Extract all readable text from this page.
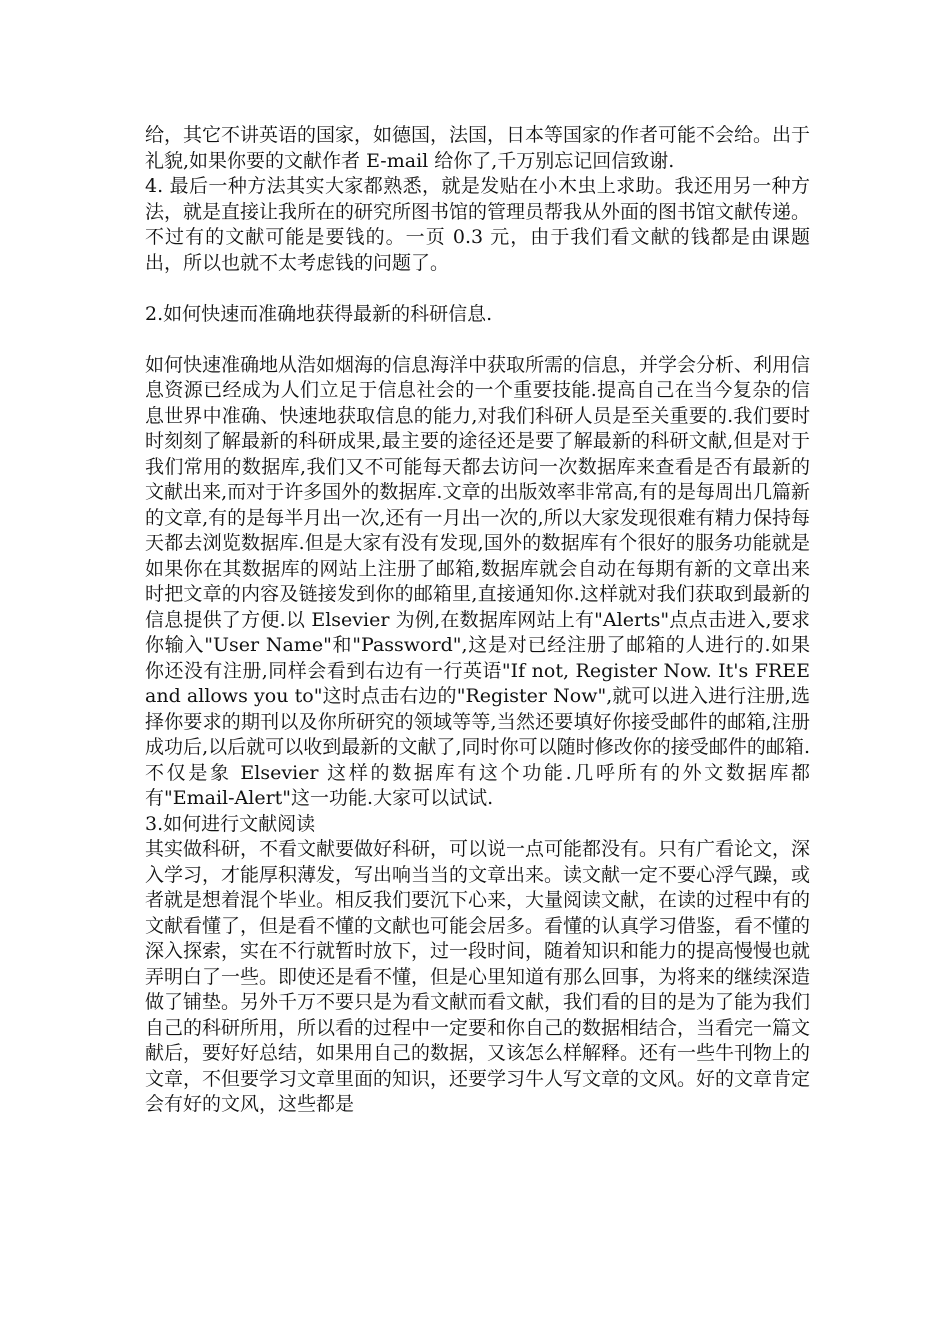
给，其它不讲英语的国家，如德国，法国，日本等国家的作者可能不会给。出于礼貌,如果你要的文献作者 E-mail 给你了,千万别忘记回信致谢.

4. 最后一种方法其实大家都熟悉，就是发贴在小木虫上求助。我还用另一种方法，就是直接让我所在的研究所图书馆的管理员帮我从外面的图书馆文献传递。不过有的文献可能是要钱的。一页 0.3 元，由于我们看文献的钱都是由课题出，所以也就不太考虑钱的问题了。

2.如何快速而准确地获得最新的科研信息.

如何快速准确地从浩如烟海的信息海洋中获取所需的信息，并学会分析、利用信息资源已经成为人们立足于信息社会的一个重要技能.提高自己在当今复杂的信息世界中准确、快速地获取信息的能力,对我们科研人员是至关重要的.我们要时时刻刻了解最新的科研成果,最主要的途径还是要了解最新的科研文献,但是对于我们常用的数据库,我们又不可能每天都去访问一次数据库来查看是否有最新的文献出来,而对于许多国外的数据库.文章的出版效率非常高,有的是每周出几篇新的文章,有的是每半月出一次,还有一月出一次的,所以大家发现很难有精力保持每天都去浏览数据库.但是大家有没有发现,国外的数据库有个很好的服务功能就是如果你在其数据库的网站上注册了邮箱,数据库就会自动在每期有新的文章出来时把文章的内容及链接发到你的邮箱里,直接通知你.这样就对我们获取到最新的信息提供了方便.以 Elsevier 为例,在数据库网站上有"Alerts"点点击进入,要求你输入"User Name"和"Password",这是对已经注册了邮箱的人进行的.如果你还没有注册,同样会看到右边有一行英语"If not, Register Now. It's FREE and allows you to"这时点击右边的"Register Now",就可以进入进行注册,选择你要求的期刊以及你所研究的领域等等,当然还要填好你接受邮件的邮箱,注册成功后,以后就可以收到最新的文献了,同时你可以随时修改你的接受邮件的邮箱.不仅是象 Elsevier 这样的数据库有这个功能.几呼所有的外文数据库都有"Email-Alert"这一功能.大家可以试试.

3.如何进行文献阅读

其实做科研，不看文献要做好科研，可以说一点可能都没有。只有广看论文，深入学习，才能厚积薄发，写出响当当的文章出来。读文献一定不要心浮气躁，或者就是想着混个毕业。相反我们要沉下心来，大量阅读文献，在读的过程中有的文献看懂了，但是看不懂的文献也可能会居多。看懂的认真学习借鉴，看不懂的 深入探索，实在不行就暂时放下，过一段时间，随着知识和能力的提高慢慢也就弄明白了一些。即使还是看不懂，但是心里知道有那么回事，为将来的继续深造做了铺垫。另外千万不要只是为看文献而看文献，我们看的目的是为了能为我们自己的科研所用，所以看的过程中一定要和你自己的数据相结合，当看完一篇文献后，要好好总结，如果用自己的数据，又该怎么样解释。还有一些牛刊物上的文章，不但要学习文章里面的知识，还要学习牛人写文章的文风。好的文章肯定会有好的文风，这些都是
